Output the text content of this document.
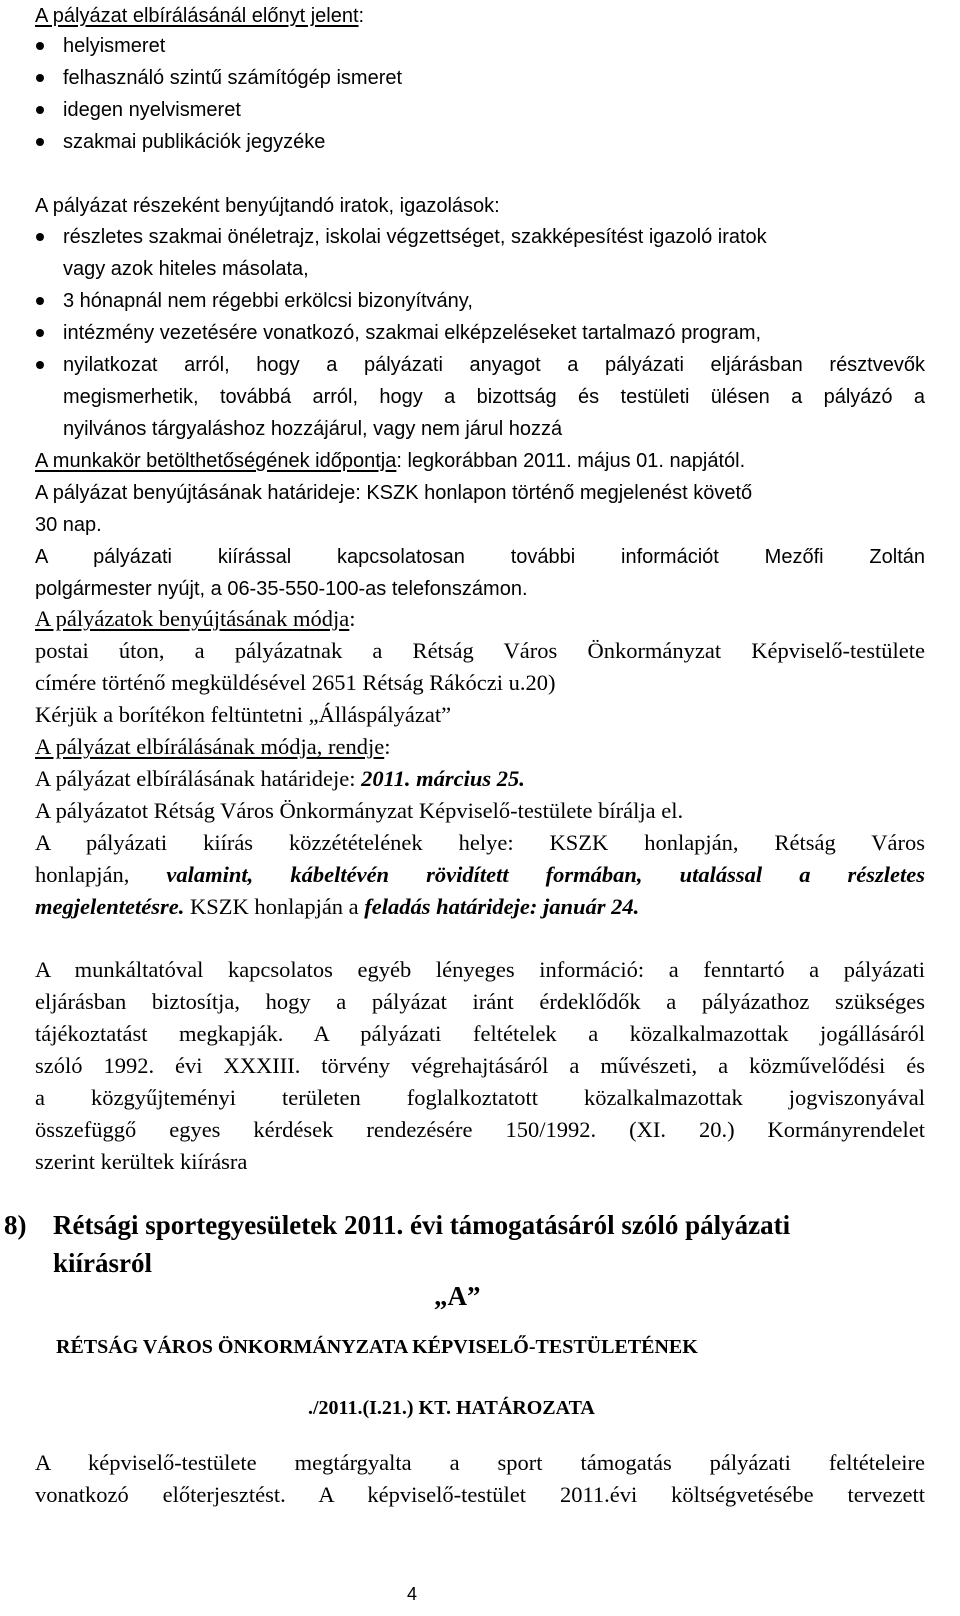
A pályázat elbírálásánál előnyt jelent:
helyismeret
felhasználó szintű számítógép ismeret
idegen nyelvismeret
szakmai publikációk jegyzéke
A pályázat részeként benyújtandó iratok, igazolások:
részletes szakmai önéletrajz, iskolai végzettséget, szakképesítést igazoló iratok
vagy azok hiteles másolata,
3 hónapnál nem régebbi erkölcsi bizonyítvány,
intézmény vezetésére vonatkozó, szakmai elképzeléseket tartalmazó program,
nyilatkozat arról, hogy a pályázati anyagot a pályázati eljárásban résztvevők
megismerhetik, továbbá arról, hogy a bizottság és testületi ülésen a pályázó a
nyilvános tárgyaláshoz hozzájárul, vagy nem járul hozzá
A munkakör betölthetőségének időpontja: legkorábban 2011. május 01. napjától.
A pályázat benyújtásának határideje: KSZK honlapon történő megjelenést követő
30 nap.
A pályázati kiírással kapcsolatosan további információt Mezőfi Zoltán
polgármester nyújt, a 06-35-550-100-as telefonszámon.
A pályázatok benyújtásának módja:
postai úton, a pályázatnak a Rétság Város Önkormányzat Képviselő-testülete
címére történő megküldésével 2651 Rétság Rákóczi u.20)
Kérjük a borítékon feltüntetni „Álláspályázat”
A pályázat elbírálásának módja, rendje:
A pályázat elbírálásának határideje: 2011. március 25.
A pályázatot Rétság Város Önkormányzat Képviselő-testülete bírálja el.
A pályázati kiírás közzétételének helye: KSZK honlapján, Rétság Város
honlapján, valamint, kábeltévén rövidített formában, utalással a részletes
megjelentetésre. KSZK honlapján a feladás határideje: január 24.
A munkáltatóval kapcsolatos egyéb lényeges információ: a fenntartó a pályázati
eljárásban biztosítja, hogy a pályázat iránt érdeklődők a pályázathoz szükséges
tájékoztatást megkapják. A pályázati feltételek a közalkalmazottak jogállásáról
szóló 1992. évi XXXIII. törvény végrehajtásáról a művészeti, a közművelődési és
a közgyűjteményi területen foglalkoztatott közalkalmazottak jogviszonyával
összefüggő egyes kérdések rendezésére 150/1992. (XI. 20.) Kormányrendelet
szerint kerültek kiírásra
8) Rétsági sportegyesületek 2011. évi támogatásáról szóló pályázati
kiírásról
„A”
RÉTSÁG VÁROS ÖNKORMÁNYZATA KÉPVISELŐ-TESTÜLETÉNEK
./2011.(I.21.) KT. HATÁROZATA
A képviselő-testülete megtárgyalta a sport támogatás pályázati feltételeire
vonatkozó előterjesztést. A képviselő-testület 2011.évi költségvetésébe tervezett
4
